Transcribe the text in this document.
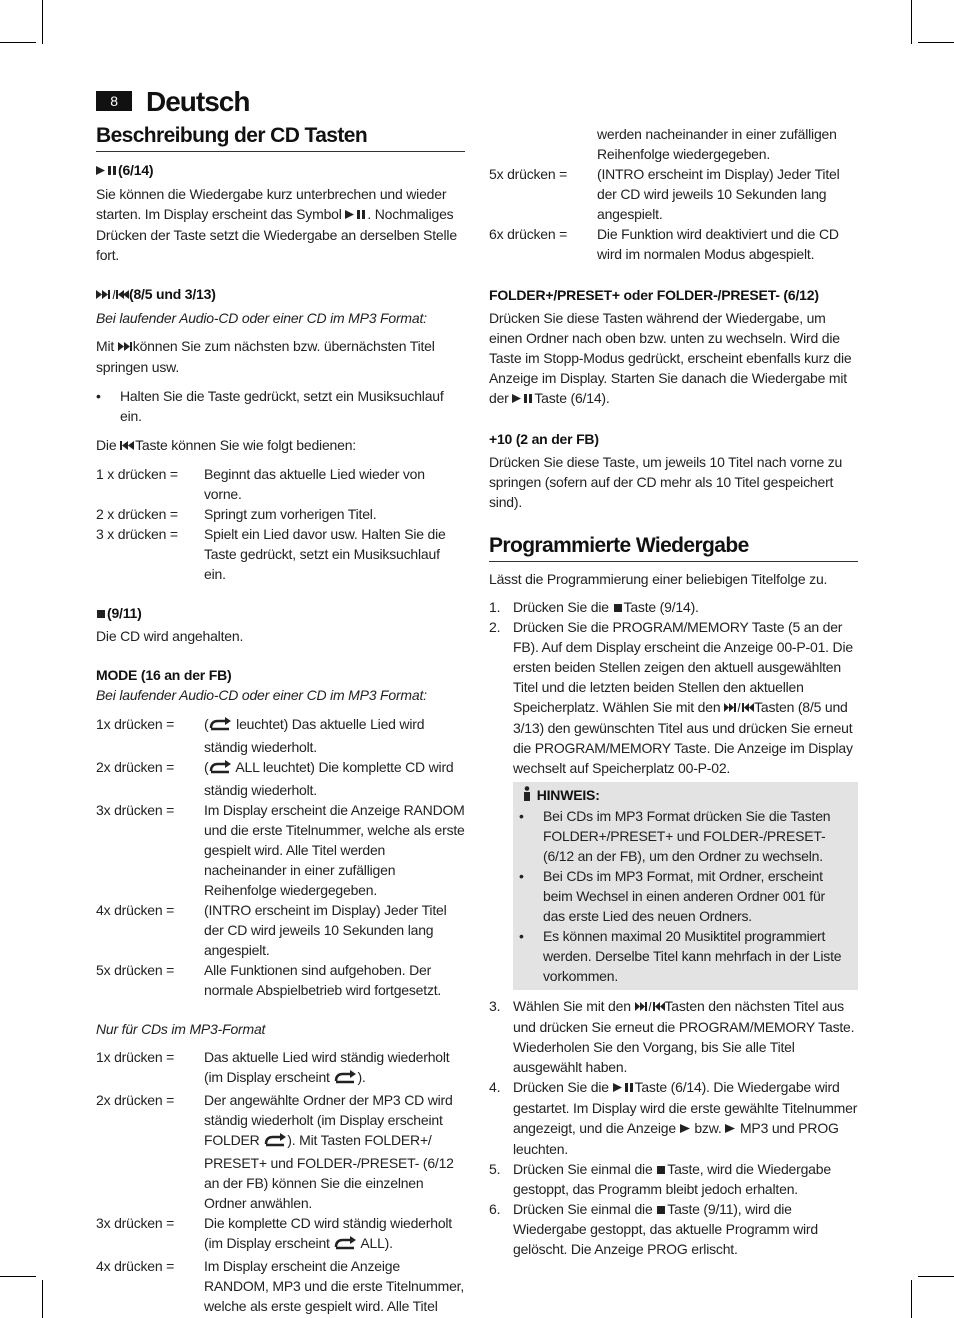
8	Deutsch
Beschreibung der CD Tasten

(6/14)

Sie können die Wiedergabe kurz unterbrechen und wieder starten. Im Display erscheint das Symbol . Nochmaliges Drücken der Taste setzt die Wiedergabe an derselben Stelle fort.

(8/5 und 3/13)

Bei laufender Audio-CD oder einer CD im MP3 Format:

Mit können Sie zum nächsten bzw. übernächsten Titel springen usw.

•	Halten Sie die Taste gedrückt, setzt ein Musiksuchlauf ein.

Die Taste können Sie wie folgt bedienen:

1 x drücken =	Beginnt das aktuelle Lied wieder von vorne.
2 x drücken =	Springt zum vorherigen Titel.
3 x drücken =	Spielt ein Lied davor usw. Halten Sie die Taste gedrückt, setzt ein Musiksuchlauf ein.

(9/11)

Die CD wird angehalten.

MODE (16 an der FB)

Bei laufender Audio-CD oder einer CD im MP3 Format:

1x drücken =	( leuchtet) Das aktuelle Lied wird ständig wiederholt.
2x drücken =	( ALL leuchtet) Die komplette CD wird ständig wiederholt.
3x drücken =	Im Display erscheint die Anzeige RANDOM und die erste Titelnummer, welche als erste gespielt wird. Alle Titel werden nacheinander in einer zufälligen Reihenfolge wiedergegeben.
4x drücken =	(INTRO erscheint im Display) Jeder Titel der CD wird jeweils 10 Sekunden lang angespielt.
5x drücken =	Alle Funktionen sind aufgehoben. Der normale Abspielbetrieb wird fortgesetzt.

Nur für CDs im MP3-Format

1x drücken =	Das aktuelle Lied wird ständig wiederholt (im Display erscheint ).
2x drücken =	Der angewählte Ordner der MP3 CD wird ständig wiederholt (im Display erscheint FOLDER ). Mit Tasten FOLDER+/ PRESET+ und FOLDER-/PRESET- (6/12 an der FB) können Sie die einzelnen Ordner anwählen.
3x drücken =	Die komplette CD wird ständig wiederholt (im Display erscheint  ALL).
4x drücken =	Im Display erscheint die Anzeige RANDOM, MP3 und die erste Titelnummer, welche als erste gespielt wird. Alle Titel
werden nacheinander in einer zufälligen Reihenfolge wiedergegeben.
5x drücken =	(INTRO erscheint im Display) Jeder Titel der CD wird jeweils 10 Sekunden lang angespielt.
6x drücken =	Die Funktion wird deaktiviert und die CD wird im normalen Modus abgespielt.

FOLDER+/PRESET+ oder FOLDER-/PRESET- (6/12)

Drücken Sie diese Tasten während der Wiedergabe, um einen Ordner nach oben bzw. unten zu wechseln. Wird die Taste im Stopp-Modus gedrückt, erscheint ebenfalls kurz die Anzeige im Display. Starten Sie danach die Wiedergabe mit der Taste (6/14).

+10 (2 an der FB)

Drücken Sie diese Taste, um jeweils 10 Titel nach vorne zu springen (sofern auf der CD mehr als 10 Titel gespeichert sind).

Programmierte Wiedergabe

Lässt die Programmierung einer beliebigen Titelfolge zu.

1. Drücken Sie die Taste (9/14).
2. Drücken Sie die PROGRAM/MEMORY Taste (5 an der FB). Auf dem Display erscheint die Anzeige 00-P-01. Die ersten beiden Stellen zeigen den aktuell ausgewählten Titel und die letzten beiden Stellen den aktuellen Speicherplatz. Wählen Sie mit den Tasten (8/5 und 3/13) den gewünschten Titel aus und drücken Sie erneut die PROGRAM/MEMORY Taste. Die Anzeige im Display wechselt auf Speicherplatz 00-P-02.

HINWEIS:

•	Bei CDs im MP3 Format drücken Sie die Tasten FOLDER+/PRESET+ und FOLDER-/PRESET- (6/12 an der FB), um den Ordner zu wechseln.
•	Bei CDs im MP3 Format, mit Ordner, erscheint beim Wechsel in einen anderen Ordner 001 für das erste Lied des neuen Ordners.
•	Es können maximal 20 Musiktitel programmiert werden. Derselbe Titel kann mehrfach in der Liste vorkommen.
3. Wählen Sie mit den Tasten den nächsten Titel aus und drücken Sie erneut die PROGRAM/MEMORY Taste. Wiederholen Sie den Vorgang, bis Sie alle Titel ausgewählt haben.
4. Drücken Sie die Taste (6/14). Die Wiedergabe wird gestartet. Im Display wird die erste gewählte Titelnummer angezeigt, und die Anzeige bzw. MP3 und PROG leuchten.
5. Drücken Sie einmal die Taste, wird die Wiedergabe gestoppt, das Programm bleibt jedoch erhalten.
6. Drücken Sie einmal die Taste (9/11), wird die Wiedergabe gestoppt, das aktuelle Programm wird gelöscht. Die Anzeige PROG erlischt.
